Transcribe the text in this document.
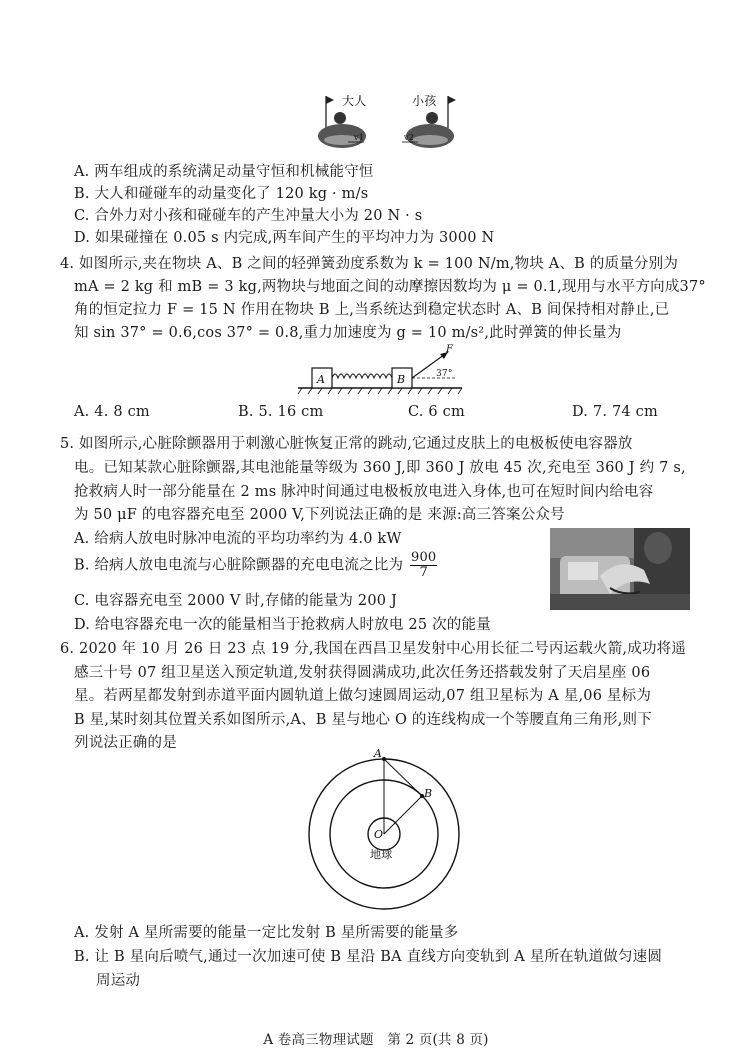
大人
v1
小孩
v2
A. 两车组成的系统满足动量守恒和机械能守恒
B. 大人和碰碰车的动量变化了 120 kg · m/s
C. 合外力对小孩和碰碰车的产生冲量大小为 20 N · s
D. 如果碰撞在 0.05 s 内完成,两车间产生的平均冲力为 3000 N
4. 如图所示,夹在物块 A、B 之间的轻弹簧劲度系数为 k = 100 N/m,物块 A、B 的质量分别为
mA = 2 kg 和 mB = 3 kg,两物块与地面之间的动摩擦因数均为 μ = 0.1,现用与水平方向成37°
角的恒定拉力 F = 15 N 作用在物块 B 上,当系统达到稳定状态时 A、B 间保持相对静止,已
知 sin 37° = 0.6,cos 37° = 0.8,重力加速度为 g = 10 m/s²,此时弹簧的伸长量为
A	B
F
37°
A. 4. 8 cm	B. 5. 16 cm	C. 6 cm	D. 7. 74 cm
5. 如图所示,心脏除颤器用于刺激心脏恢复正常的跳动,它通过皮肤上的电极板使电容器放
电。已知某款心脏除颤器,其电池能量等级为 360 J,即 360 J 放电 45 次,充电至 360 J 约 7 s,
抢救病人时一部分能量在 2 ms 脉冲时间通过电极板放电进入身体,也可在短时间内给电容
为 50 μF 的电容器充电至 2000 V,下列说法正确的是 来源:高三答案公众号
A. 给病人放电时脉冲电流的平均功率约为 4.0 kW
B. 给病人放电电流与心脏除颤器的充电电流之比为 $\frac{900}{7}$
C. 电容器充电至 2000 V 时,存储的能量为 200 J
D. 给电容器充电一次的能量相当于抢救病人时放电 25 次的能量
6. 2020 年 10 月 26 日 23 点 19 分,我国在西昌卫星发射中心用长征二号丙运载火箭,成功将遥
感三十号 07 组卫星送入预定轨道,发射获得圆满成功,此次任务还搭载发射了天启星座 06
星。若两星都发射到赤道平面内圆轨道上做匀速圆周运动,07 组卫星标为 A 星,06 星标为
B 星,某时刻其位置关系如图所示,A、B 星与地心 O 的连线构成一个等腰直角三角形,则下
列说法正确的是
A
B
O
地球
A. 发射 A 星所需要的能量一定比发射 B 星所需要的能量多
B. 让 B 星向后喷气,通过一次加速可使 B 星沿 BA 直线方向变轨到 A 星所在轨道做匀速圆
周运动
A 卷高三物理试题　第 2 页(共 8 页)
